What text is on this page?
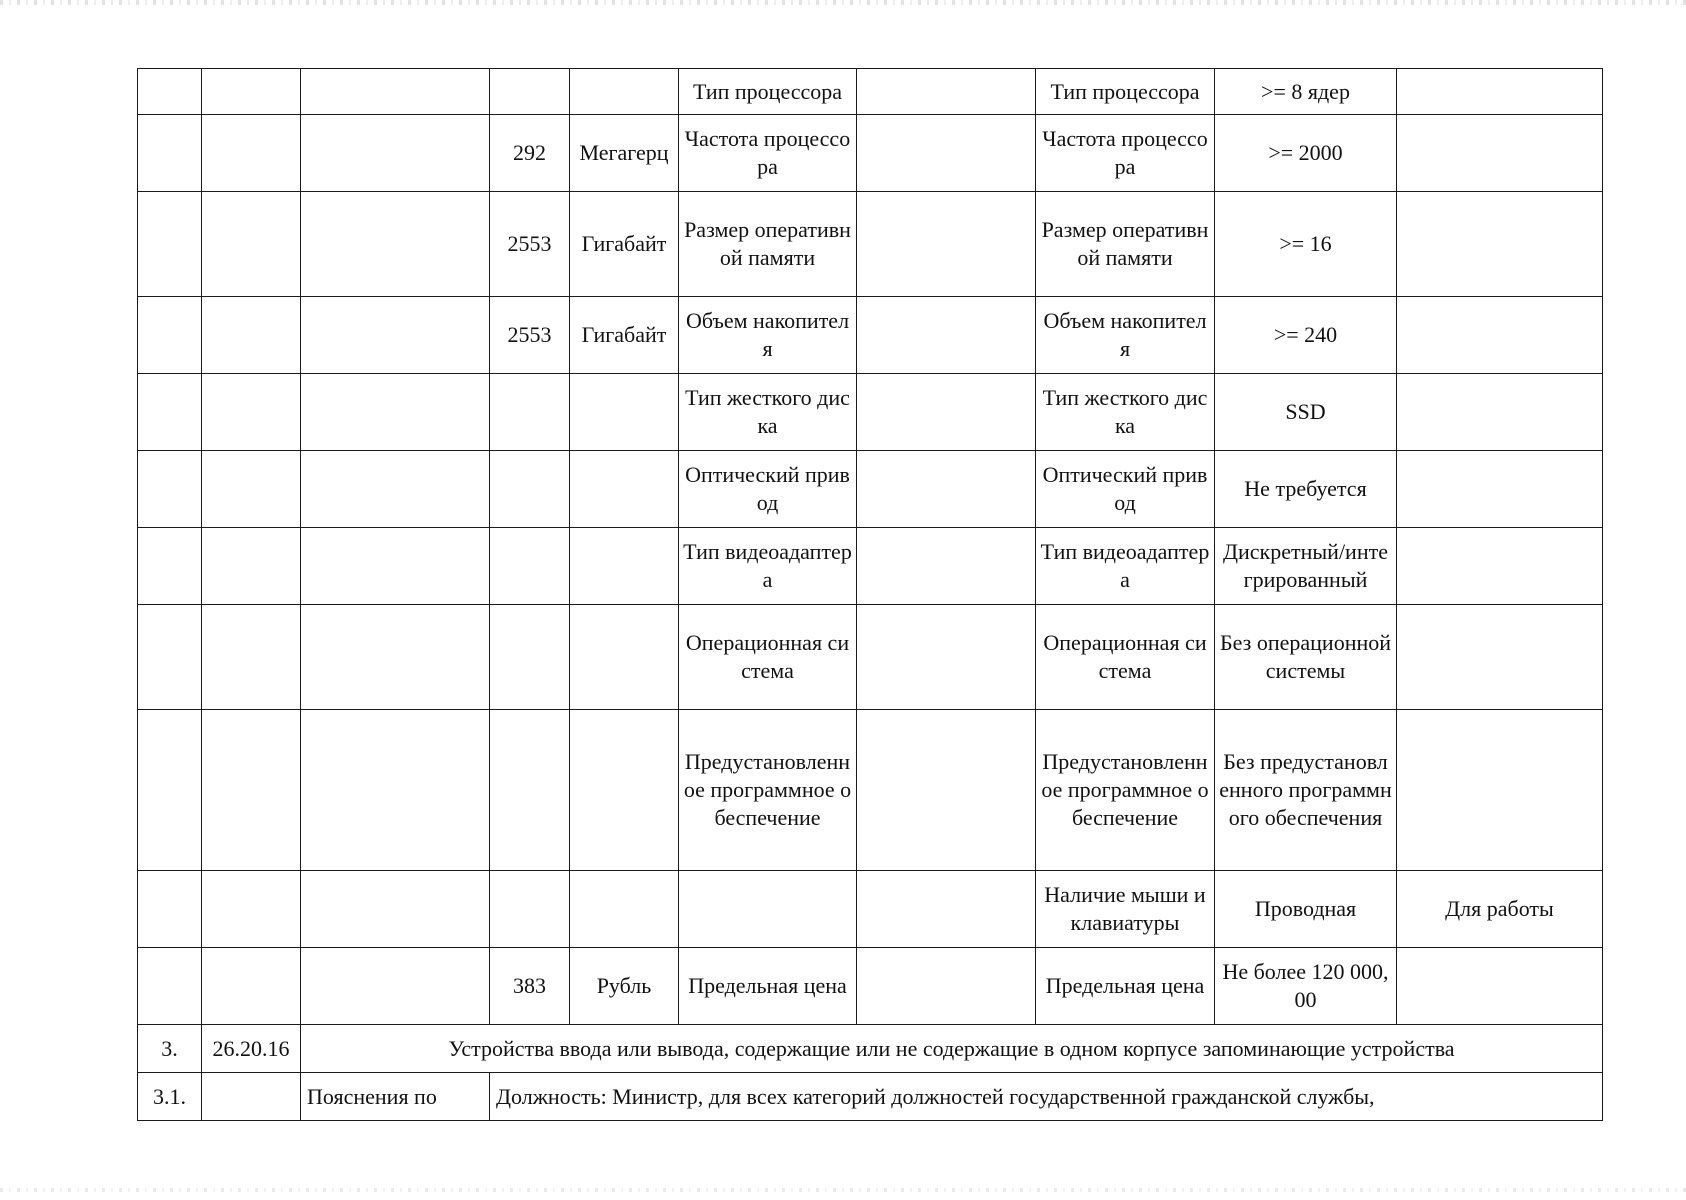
					Тип процессора		Тип процессора	>= 8 ядер	
			292	Мегагерц	Частота процессора		Частота процессора	>= 2000	
			2553	Гигабайт	Размер оперативной памяти		Размер оперативной памяти	>= 16	
			2553	Гигабайт	Объем накопителя		Объем накопителя	>= 240	
					Тип жесткого диска		Тип жесткого диска	SSD	
					Оптический привод		Оптический привод	Не требуется	
					Тип видеоадаптера		Тип видеоадаптера	Дискретный/интегрированный	
					Операционная система		Операционная система	Без операционной системы	
					Предустановленное программное обеспечение		Предустановленное программное обеспечение	Без предустановленного программного обеспечения	
							Наличие мыши и клавиатуры	Проводная	Для работы
			383	Рубль	Предельная цена		Предельная цена	Не более 120 000,00	
3.	26.20.16	Устройства ввода или вывода, содержащие или не содержащие в одном корпусе запоминающие устройства							
3.1.		Пояснения по	Должность: Министр, для всех категорий должностей государственной гражданской службы,						
